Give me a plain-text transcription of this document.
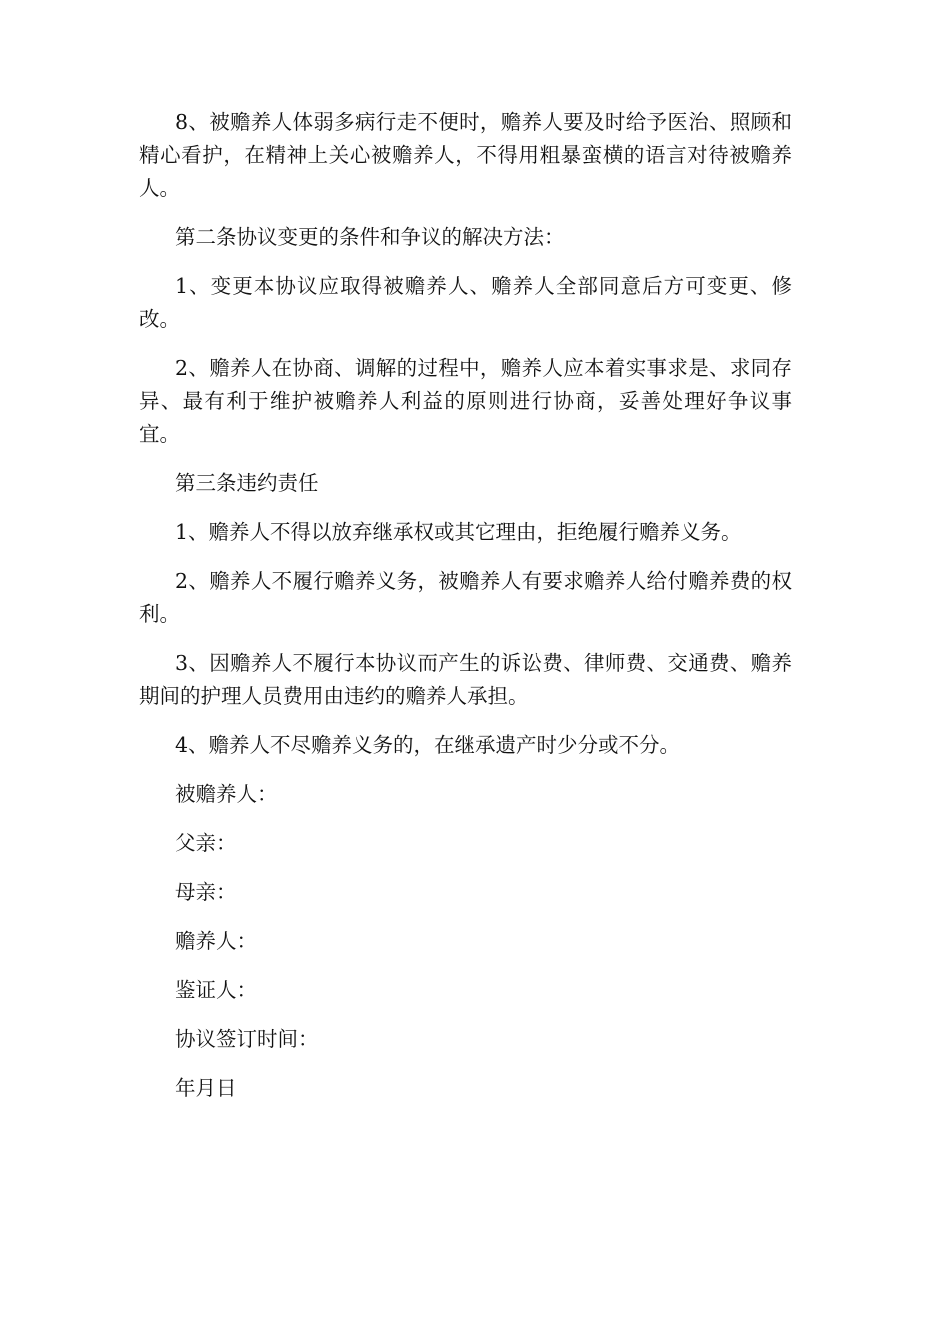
8、被赡养人体弱多病行走不便时，赡养人要及时给予医治、照顾和精心看护，在精神上关心被赡养人，不得用粗暴蛮横的语言对待被赡养人。

第二条协议变更的条件和争议的解决方法：

1、变更本协议应取得被赡养人、赡养人全部同意后方可变更、修改。

2、赡养人在协商、调解的过程中，赡养人应本着实事求是、求同存异、最有利于维护被赡养人利益的原则进行协商，妥善处理好争议事宜。

第三条违约责任

1、赡养人不得以放弃继承权或其它理由，拒绝履行赡养义务。

2、赡养人不履行赡养义务，被赡养人有要求赡养人给付赡养费的权利。

3、因赡养人不履行本协议而产生的诉讼费、律师费、交通费、赡养期间的护理人员费用由违约的赡养人承担。

4、赡养人不尽赡养义务的，在继承遗产时少分或不分。

被赡养人：

父亲：

母亲：

赡养人：

鉴证人：

协议签订时间：

年月日
